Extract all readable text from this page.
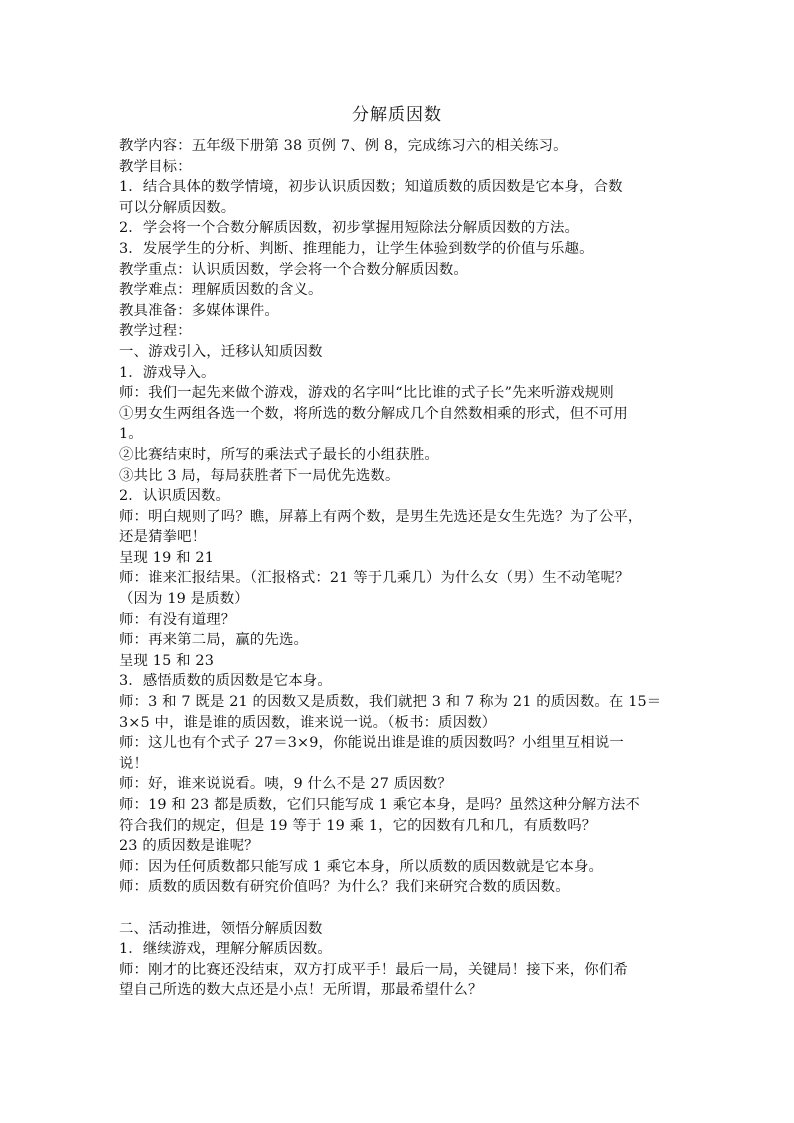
分解质因数
教学内容：五年级下册第 38 页例 7、例 8，完成练习六的相关练习。
教学目标：
1．结合具体的数学情境，初步认识质因数；知道质数的质因数是它本身，合数
可以分解质因数。
2．学会将一个合数分解质因数，初步掌握用短除法分解质因数的方法。
3．发展学生的分析、判断、推理能力，让学生体验到数学的价值与乐趣。
教学重点：认识质因数，学会将一个合数分解质因数。
教学难点：理解质因数的含义。
教具准备：多媒体课件。
教学过程：
一、游戏引入，迁移认知质因数
1．游戏导入。
师：我们一起先来做个游戏，游戏的名字叫“比比谁的式子长”先来听游戏规则
①男女生两组各选一个数，将所选的数分解成几个自然数相乘的形式，但不可用
1。
②比赛结束时，所写的乘法式子最长的小组获胜。
③共比 3 局，每局获胜者下一局优先选数。
2．认识质因数。
师：明白规则了吗？瞧，屏幕上有两个数，是男生先选还是女生先选？为了公平，
还是猜拳吧！
呈现 19 和 21
师：谁来汇报结果。（汇报格式：21 等于几乘几）为什么女（男）生不动笔呢？
（因为 19 是质数）
师：有没有道理？
师：再来第二局，赢的先选。
呈现 15 和 23
3．感悟质数的质因数是它本身。
师：3 和 7 既是 21 的因数又是质数，我们就把 3 和 7 称为 21 的质因数。在 15＝
3×5 中，谁是谁的质因数，谁来说一说。（板书：质因数）
师：这儿也有个式子 27＝3×9，你能说出谁是谁的质因数吗？小组里互相说一
说！
师：好，谁来说说看。咦，9 什么不是 27 质因数？
师：19 和 23 都是质数，它们只能写成 1 乘它本身，是吗？虽然这种分解方法不
符合我们的规定，但是 19 等于 19 乘 1，它的因数有几和几，有质数吗？
23 的质因数是谁呢？
师：因为任何质数都只能写成 1 乘它本身，所以质数的质因数就是它本身。
师：质数的质因数有研究价值吗？为什么？我们来研究合数的质因数。
二、活动推进，领悟分解质因数
1．继续游戏，理解分解质因数。
师：刚才的比赛还没结束，双方打成平手！最后一局，关键局！接下来，你们希
望自己所选的数大点还是小点！无所谓，那最希望什么？
